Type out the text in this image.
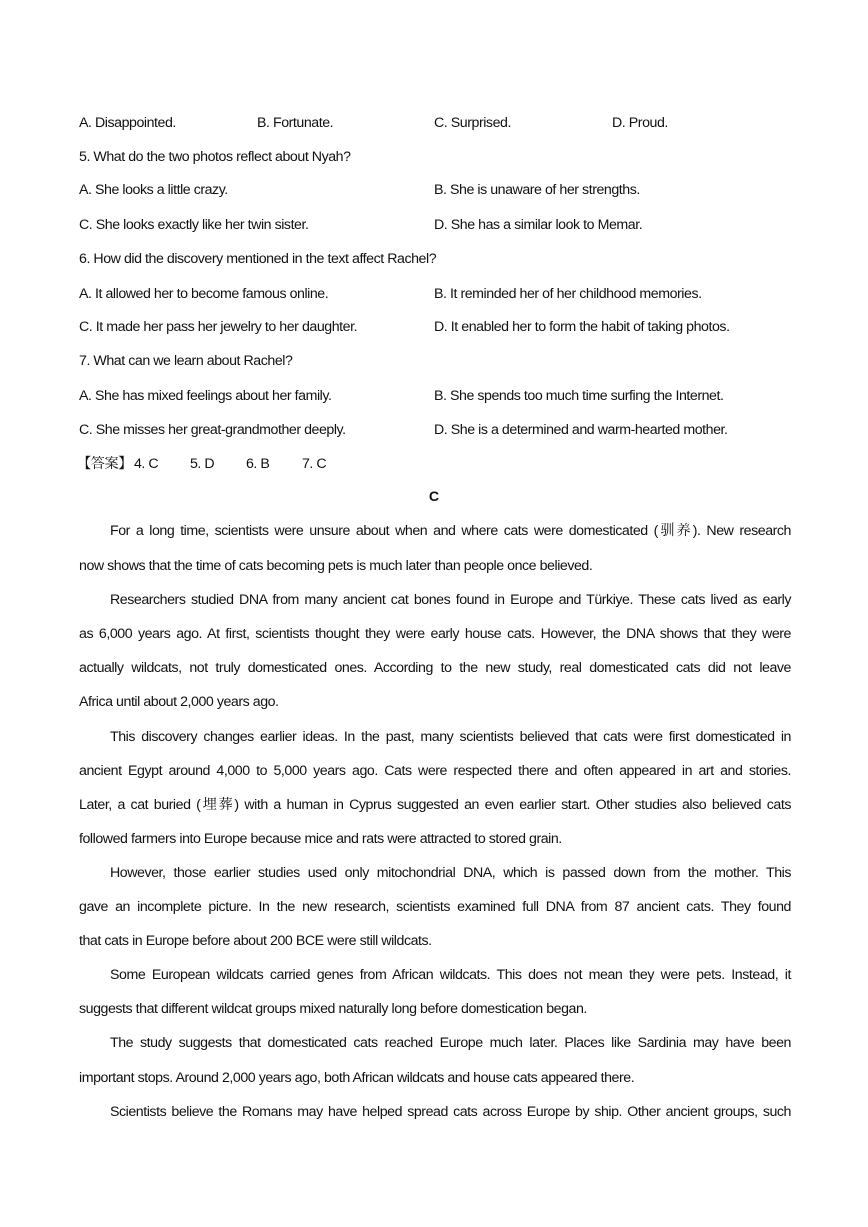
A. Disappointed.	B. Fortunate.	C. Surprised.	D. Proud.
5. What do the two photos reflect about Nyah?
A. She looks a little crazy.	B. She is unaware of her strengths.
C. She looks exactly like her twin sister.	D. She has a similar look to Memar.
6. How did the discovery mentioned in the text affect Rachel?
A. It allowed her to become famous online.	B. It reminded her of her childhood memories.
C. It made her pass her jewelry to her daughter.	D. It enabled her to form the habit of taking photos.
7. What can we learn about Rachel?
A. She has mixed feelings about her family.	B. She spends too much time surfing the Internet.
C. She misses her great-grandmother deeply.	D. She is a determined and warm-hearted mother.
【答案】 4. C 5. D 6. B 7. C
C
For a long time, scientists were unsure about when and where cats were domesticated (驯养). New research
now shows that the time of cats becoming pets is much later than people once believed.
Researchers studied DNA from many ancient cat bones found in Europe and Türkiye. These cats lived as early
as 6,000 years ago. At first, scientists thought they were early house cats. However, the DNA shows that they were
actually wildcats, not truly domesticated ones. According to the new study, real domesticated cats did not leave
Africa until about 2,000 years ago.
This discovery changes earlier ideas. In the past, many scientists believed that cats were first domesticated in
ancient Egypt around 4,000 to 5,000 years ago. Cats were respected there and often appeared in art and stories.
Later, a cat buried (埋葬) with a human in Cyprus suggested an even earlier start. Other studies also believed cats
followed farmers into Europe because mice and rats were attracted to stored grain.
However, those earlier studies used only mitochondrial DNA, which is passed down from the mother. This
gave an incomplete picture. In the new research, scientists examined full DNA from 87 ancient cats. They found
that cats in Europe before about 200 BCE were still wildcats.
Some European wildcats carried genes from African wildcats. This does not mean they were pets. Instead, it
suggests that different wildcat groups mixed naturally long before domestication began.
The study suggests that domesticated cats reached Europe much later. Places like Sardinia may have been
important stops. Around 2,000 years ago, both African wildcats and house cats appeared there.
Scientists believe the Romans may have helped spread cats across Europe by ship. Other ancient groups, such
